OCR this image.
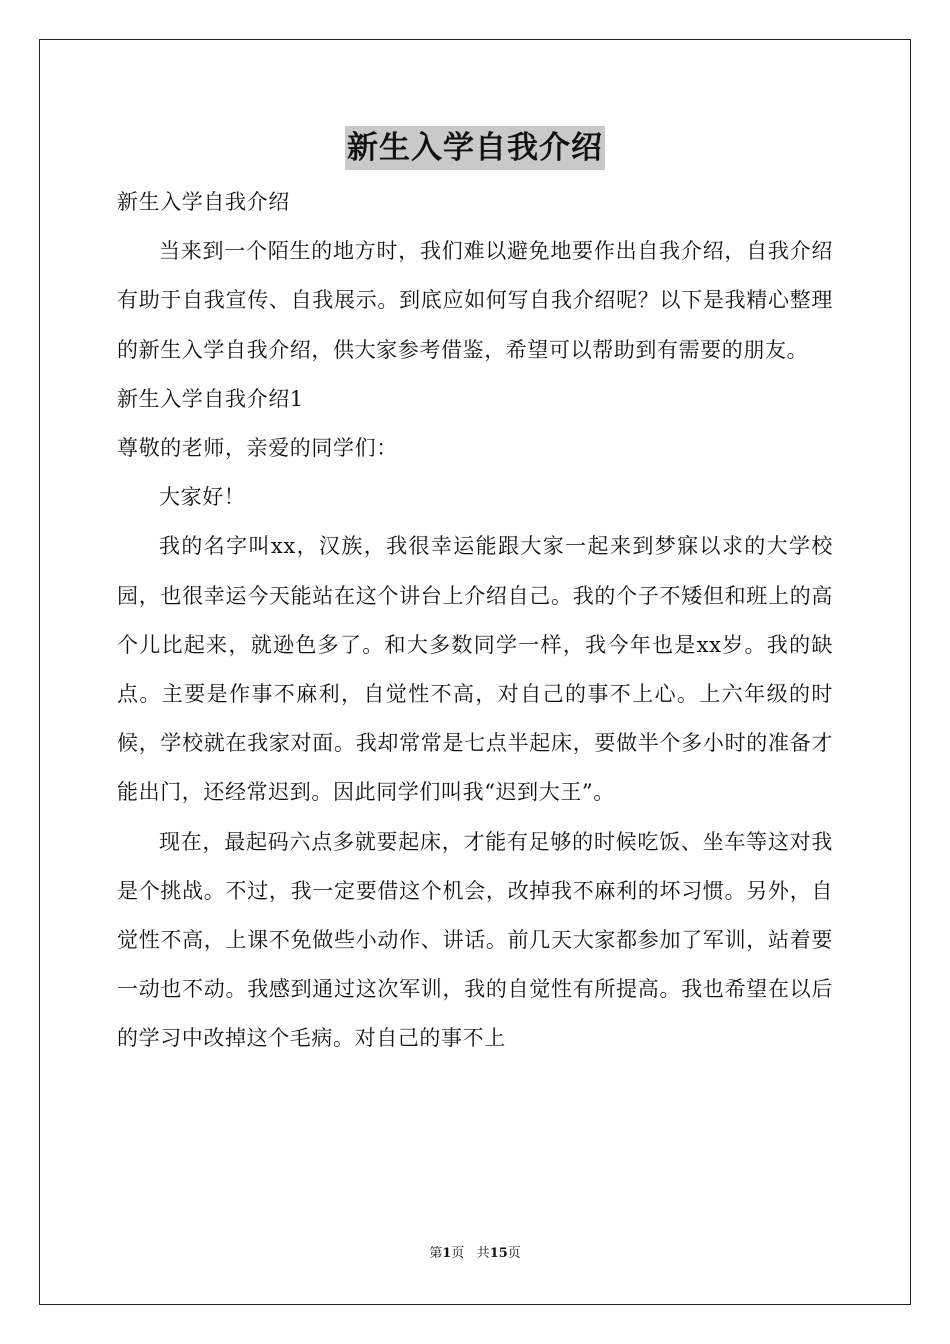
新生入学自我介绍

新生入学自我介绍

当来到一个陌生的地方时，我们难以避免地要作出自我介绍，自我介绍有助于自我宣传、自我展示。到底应如何写自我介绍呢？以下是我精心整理的新生入学自我介绍，供大家参考借鉴，希望可以帮助到有需要的朋友。

新生入学自我介绍1

尊敬的老师，亲爱的同学们：

大家好！

我的名字叫xx，汉族，我很幸运能跟大家一起来到梦寐以求的大学校园，也很幸运今天能站在这个讲台上介绍自己。我的个子不矮但和班上的高个儿比起来，就逊色多了。和大多数同学一样，我今年也是xx岁。我的缺点。主要是作事不麻利，自觉性不高，对自己的事不上心。上六年级的时候，学校就在我家对面。我却常常是七点半起床，要做半个多小时的准备才能出门，还经常迟到。因此同学们叫我“迟到大王”。

现在，最起码六点多就要起床，才能有足够的时候吃饭、坐车等这对我是个挑战。不过，我一定要借这个机会，改掉我不麻利的坏习惯。另外，自觉性不高，上课不免做些小动作、讲话。前几天大家都参加了军训，站着要一动也不动。我感到通过这次军训，我的自觉性有所提高。我也希望在以后的学习中改掉这个毛病。对自己的事不上

第1页 共15页
